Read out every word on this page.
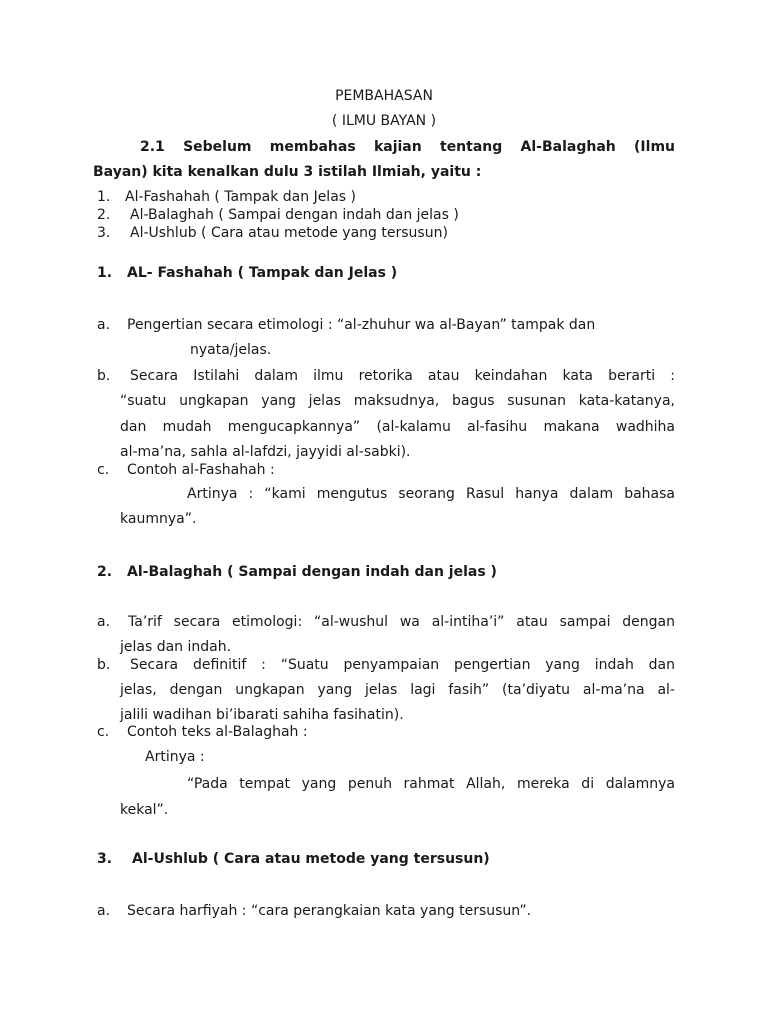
PEMBAHASAN
( ILMU BAYAN )
2.1 Sebelum membahas kajian tentang Al-Balaghah (Ilmu
Bayan) kita kenalkan dulu 3 istilah Ilmiah, yaitu :
1. Al-Fashahah ( Tampak dan Jelas )
2. Al-Balaghah ( Sampai dengan indah dan jelas )
3. Al-Ushlub ( Cara atau metode yang tersusun)
1. AL- Fashahah ( Tampak dan Jelas )
a. Pengertian secara etimologi : “al-zhuhur wa al-Bayan” tampak dan
nyata/jelas.
b. Secara Istilahi dalam ilmu retorika atau keindahan kata berarti :
“suatu ungkapan yang jelas maksudnya, bagus susunan kata-katanya,
dan mudah mengucapkannya” (al-kalamu al-fasihu makana wadhiha
al-ma’na, sahla al-lafdzi, jayyidi al-sabki).
c. Contoh al-Fashahah :
Artinya : “kami mengutus seorang Rasul hanya dalam bahasa
kaumnya”.
2. Al-Balaghah ( Sampai dengan indah dan jelas )
a. Ta’rif secara etimologi: “al-wushul wa al-intiha’i” atau sampai dengan
jelas dan indah.
b. Secara definitif : “Suatu penyampaian pengertian yang indah dan
jelas, dengan ungkapan yang jelas lagi fasih” (ta’diyatu al-ma’na al-
jalili wadihan bi’ibarati sahiha fasihatin).
c. Contoh teks al-Balaghah :
Artinya :
“Pada tempat yang penuh rahmat Allah, mereka di dalamnya
kekal”.
3. Al-Ushlub ( Cara atau metode yang tersusun)
a. Secara harfiyah : “cara perangkaian kata yang tersusun”.
